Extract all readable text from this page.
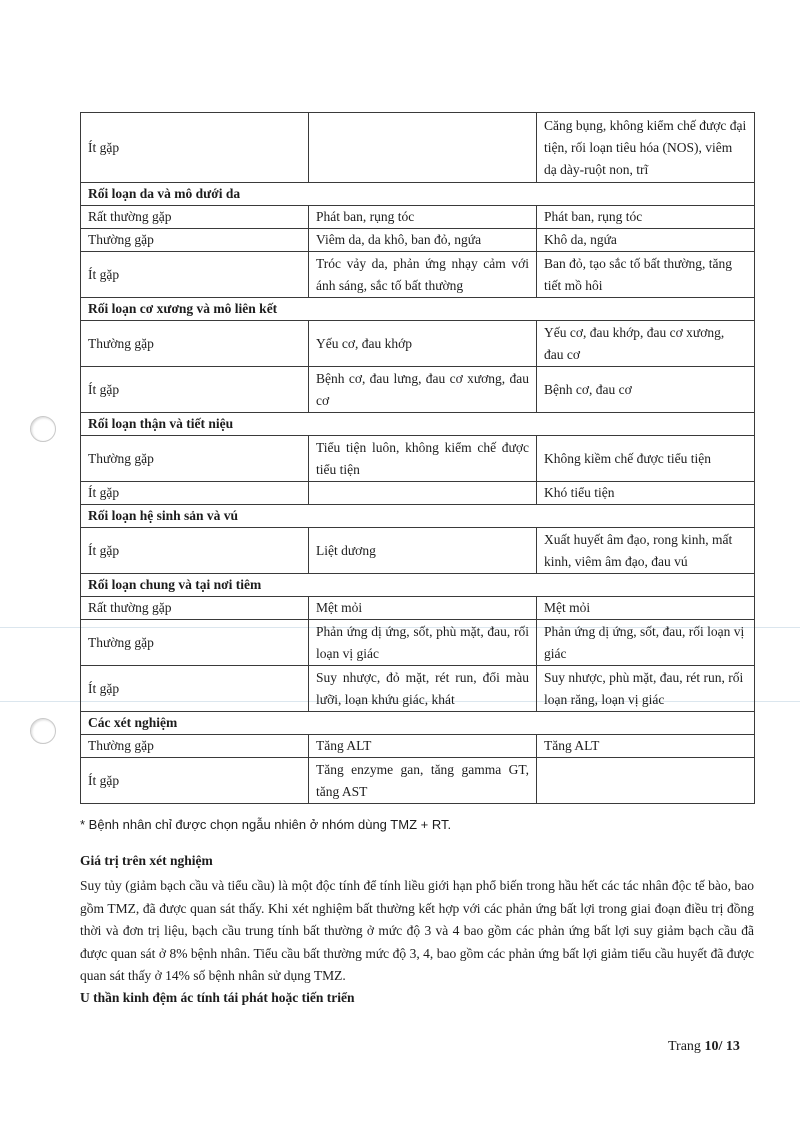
Ít gặp		Căng bụng, không kiểm chế được đại tiện, rối loạn tiêu hóa (NOS), viêm dạ dày-ruột non, trĩ
Rối loạn da và mô dưới da		
Rất thường gặp	Phát ban, rụng tóc	Phát ban, rụng tóc
Thường gặp	Viêm da, da khô, ban đỏ, ngứa	Khô da, ngứa
Ít gặp	Tróc vảy da, phản ứng nhạy cảm với ánh sáng, sắc tố bất thường	Ban đỏ, tạo sắc tố bất thường, tăng tiết mồ hôi
Rối loạn cơ xương và mô liên kết		
Thường gặp	Yếu cơ, đau khớp	Yếu cơ, đau khớp, đau cơ xương, đau cơ
Ít gặp	Bệnh cơ, đau lưng, đau cơ xương, đau cơ	Bệnh cơ, đau cơ
Rối loạn thận và tiết niệu		
Thường gặp	Tiểu tiện luôn, không kiểm chế được tiểu tiện	Không kiềm chế được tiểu tiện
Ít gặp		Khó tiểu tiện
Rối loạn hệ sinh sản và vú		
Ít gặp	Liệt dương	Xuất huyết âm đạo, rong kinh, mất kinh, viêm âm đạo, đau vú
Rối loạn chung và tại nơi tiêm		
Rất thường gặp	Mệt mỏi	Mệt mỏi
Thường gặp	Phản ứng dị ứng, sốt, phù mặt, đau, rối loạn vị giác	Phản ứng dị ứng, sốt, đau, rối loạn vị giác
Ít gặp	Suy nhược, đỏ mặt, rét run, đổi màu lưỡi, loạn khứu giác, khát	Suy nhược, phù mặt, đau, rét run, rối loạn răng, loạn vị giác
Các xét nghiệm		
Thường gặp	Tăng ALT	Tăng ALT
Ít gặp	Tăng enzyme gan, tăng gamma GT, tăng AST	
* Bệnh nhân chỉ được chọn ngẫu nhiên ở nhóm dùng TMZ + RT.
Giá trị trên xét nghiệm
Suy tủy (giảm bạch cầu và tiểu cầu) là một độc tính để tính liều giới hạn phổ biến trong hầu hết các tác nhân độc tế bào, bao gồm TMZ, đã được quan sát thấy. Khi xét nghiệm bất thường kết hợp với các phản ứng bất lợi trong giai đoạn điều trị đồng thời và đơn trị liệu, bạch cầu trung tính bất thường ở mức độ 3 và 4 bao gồm các phản ứng bất lợi suy giảm bạch cầu đã được quan sát ở 8% bệnh nhân. Tiểu cầu bất thường mức độ 3, 4, bao gồm các phản ứng bất lợi giảm tiểu cầu huyết đã được quan sát thấy ở 14% số bệnh nhân sử dụng TMZ.
U thần kinh đệm ác tính tái phát hoặc tiến triển
Trang 10/ 13
